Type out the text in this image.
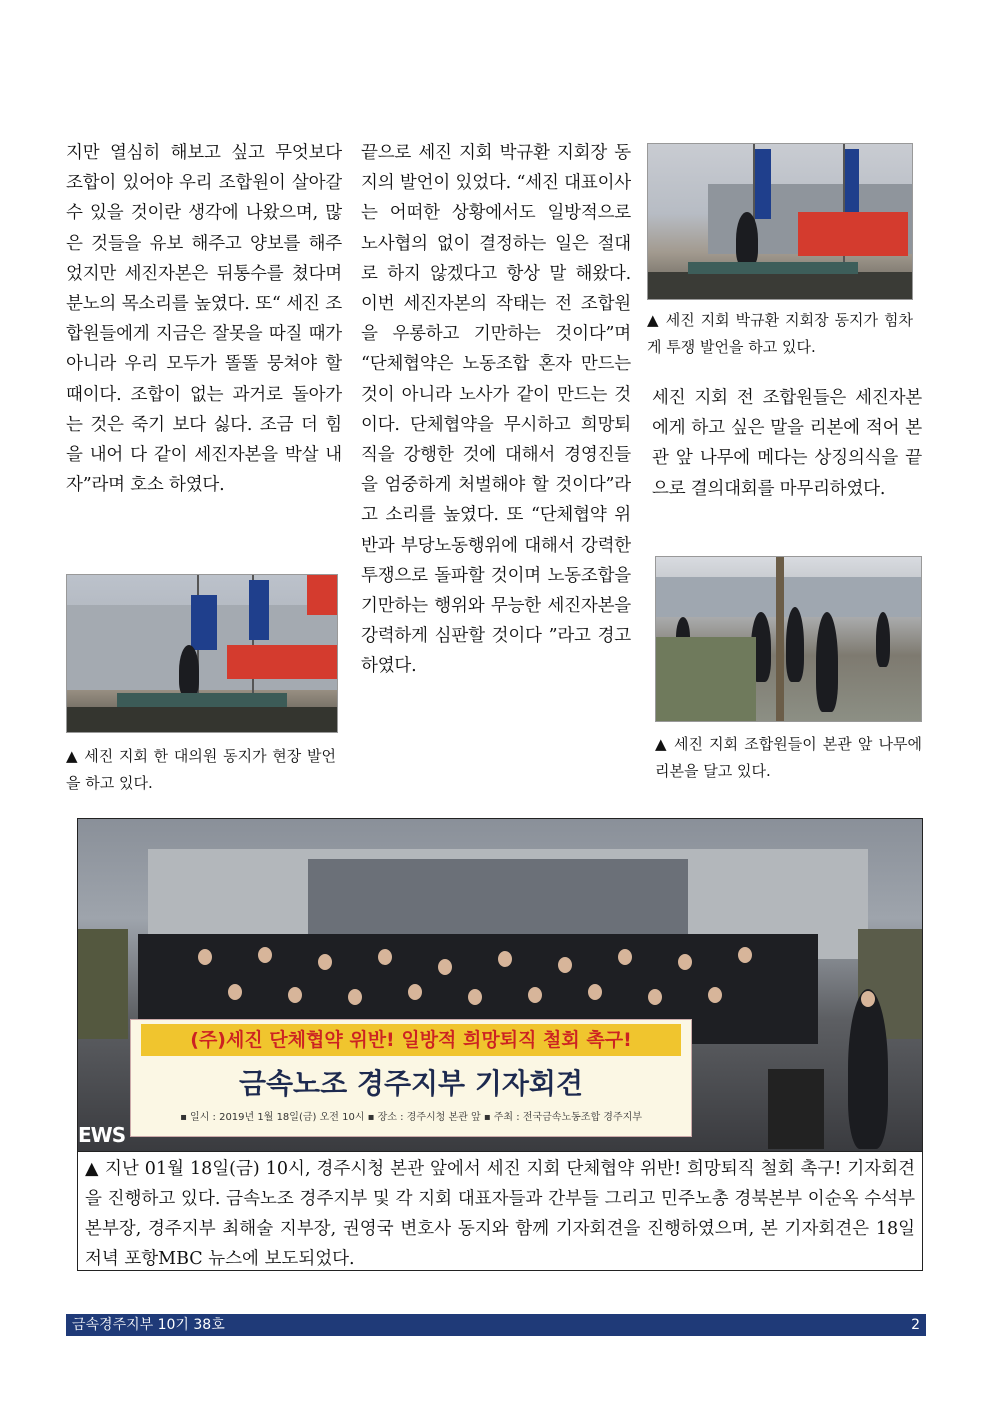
지만 열심히 해보고 싶고 무엇보다 조합이 있어야 우리 조합원이 살아갈 수 있을 것이란 생각에 나왔으며, 많은 것들을 유보 해주고 양보를 해주었지만 세진자본은 뒤통수를 쳤다며 분노의 목소리를 높였다. 또“ 세진 조합원들에게 지금은 잘못을 따질 때가 아니라 우리 모두가 똘똘 뭉쳐야 할 때이다. 조합이 없는 과거로 돌아가는 것은 죽기 보다 싫다. 조금 더 힘을 내어 다 같이 세진자본을 박살 내자”라며 호소 하였다.

끝으로 세진 지회 박규환 지회장 동지의 발언이 있었다. “세진 대표이사는 어떠한 상황에서도 일방적으로 노사협의 없이 결정하는 일은 절대로 하지 않겠다고 항상 말 해왔다. 이번 세진자본의 작태는 전 조합원을 우롱하고 기만하는 것이다”며 “단체협약은 노동조합 혼자 만드는 것이 아니라 노사가 같이 만드는 것이다. 단체협약을 무시하고 희망퇴직을 강행한 것에 대해서 경영진들을 엄중하게 처벌해야 할 것이다”라고 소리를 높였다. 또 “단체협약 위반과 부당노동행위에 대해서 강력한 투쟁으로 돌파할 것이며 노동조합을 기만하는 행위와 무능한 세진자본을 강력하게 심판할 것이다 ”라고 경고하였다.

세진 지회 전 조합원들은 세진자본에게 하고 싶은 말을 리본에 적어 본관 앞 나무에 메다는 상징의식을 끝으로 결의대회를 마무리하였다.

▲ 세진 지회 박규환 지회장 동지가 힘차게 투쟁 발언을 하고 있다.
▲ 세진 지회 한 대의원 동지가 현장 발언을 하고 있다.
▲ 세진 지회 조합원들이 본관 앞 나무에 리본을 달고 있다.
(주)세진 단체협약 위반! 일방적 희망퇴직 철회 촉구!
금속노조 경주지부 기자회견
▪ 일시 : 2019년 1월 18일(금) 오전 10시 ▪ 장소 : 경주시청 본관 앞 ▪ 주최 : 전국금속노동조합 경주지부
EWS
▲ 지난 01월 18일(금) 10시, 경주시청 본관 앞에서 세진 지회 단체협약 위반! 희망퇴직 철회 촉구! 기자회견을 진행하고 있다. 금속노조 경주지부 및 각 지회 대표자들과 간부들 그리고 민주노총 경북본부 이순옥 수석부본부장, 경주지부 최해술 지부장, 권영국 변호사 동지와 함께 기자회견을 진행하였으며, 본 기자회견은 18일 저녁 포항MBC 뉴스에 보도되었다.
금속경주지부 10기 38호	2
